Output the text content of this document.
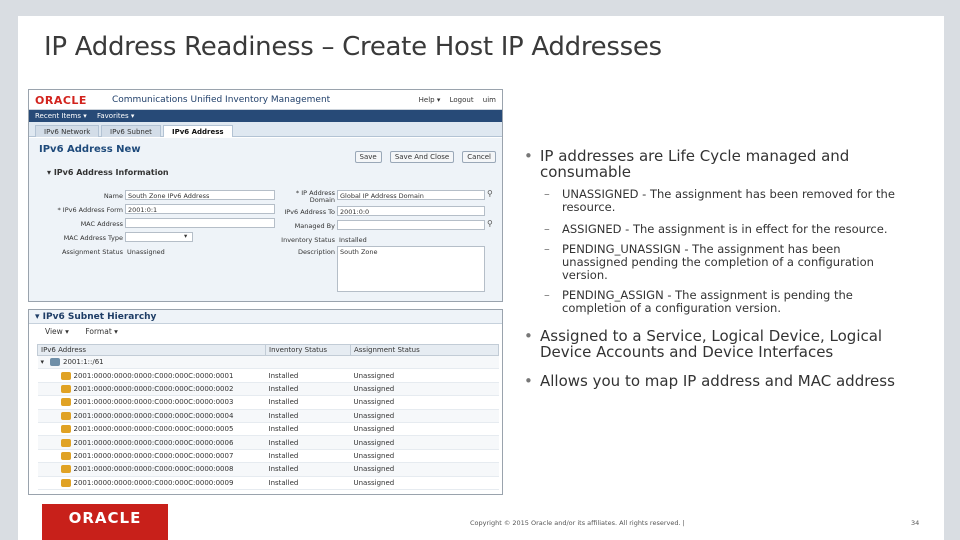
IP Address Readiness – Create Host IP Addresses
ORACLE	Communications Unified Inventory Management	Help ▾ Logout uim
Recent Items ▾ Favorites ▾
IPv6 Network	IPv6 Subnet	IPv6 Address
IPv6 Address New
Save	Save And Close	Cancel
▾ IPv6 Address Information
Name South Zone IPv6 Address
* IPv6 Address Form 2001:0:1
MAC Address
MAC Address Type	▾
Assignment Status Unassigned
* IP Address Domain Global IP Address Domain	⚲
IPv6 Address To 2001:0:0
Managed By	⚲
Inventory Status Installed
Description South Zone
▾ IPv6 Subnet Hierarchy
View ▾ Format ▾
IPv6 Address	Inventory Status	Assignment Status
▾ 2001:1::/61		
2001:0000:0000:0000:C000:000C:0000:0001	Installed	Unassigned
2001:0000:0000:0000:C000:000C:0000:0002	Installed	Unassigned
2001:0000:0000:0000:C000:000C:0000:0003	Installed	Unassigned
2001:0000:0000:0000:C000:000C:0000:0004	Installed	Unassigned
2001:0000:0000:0000:C000:000C:0000:0005	Installed	Unassigned
2001:0000:0000:0000:C000:000C:0000:0006	Installed	Unassigned
2001:0000:0000:0000:C000:000C:0000:0007	Installed	Unassigned
2001:0000:0000:0000:C000:000C:0000:0008	Installed	Unassigned
2001:0000:0000:0000:C000:000C:0000:0009	Installed	Unassigned
• IP addresses are Life Cycle managed and consumable
– UNASSIGNED - The assignment has been removed for the resource.
– ASSIGNED - The assignment is in effect for the resource.
– PENDING_UNASSIGN - The assignment has been unassigned pending the completion of a configuration version.
– PENDING_ASSIGN - The assignment is pending the completion of a configuration version.
• Assigned to a Service, Logical Device, Logical Device Accounts and Device Interfaces
• Allows you to map IP address and MAC address
ORACLE	Copyright © 2015 Oracle and/or its affiliates. All rights reserved. |	34
